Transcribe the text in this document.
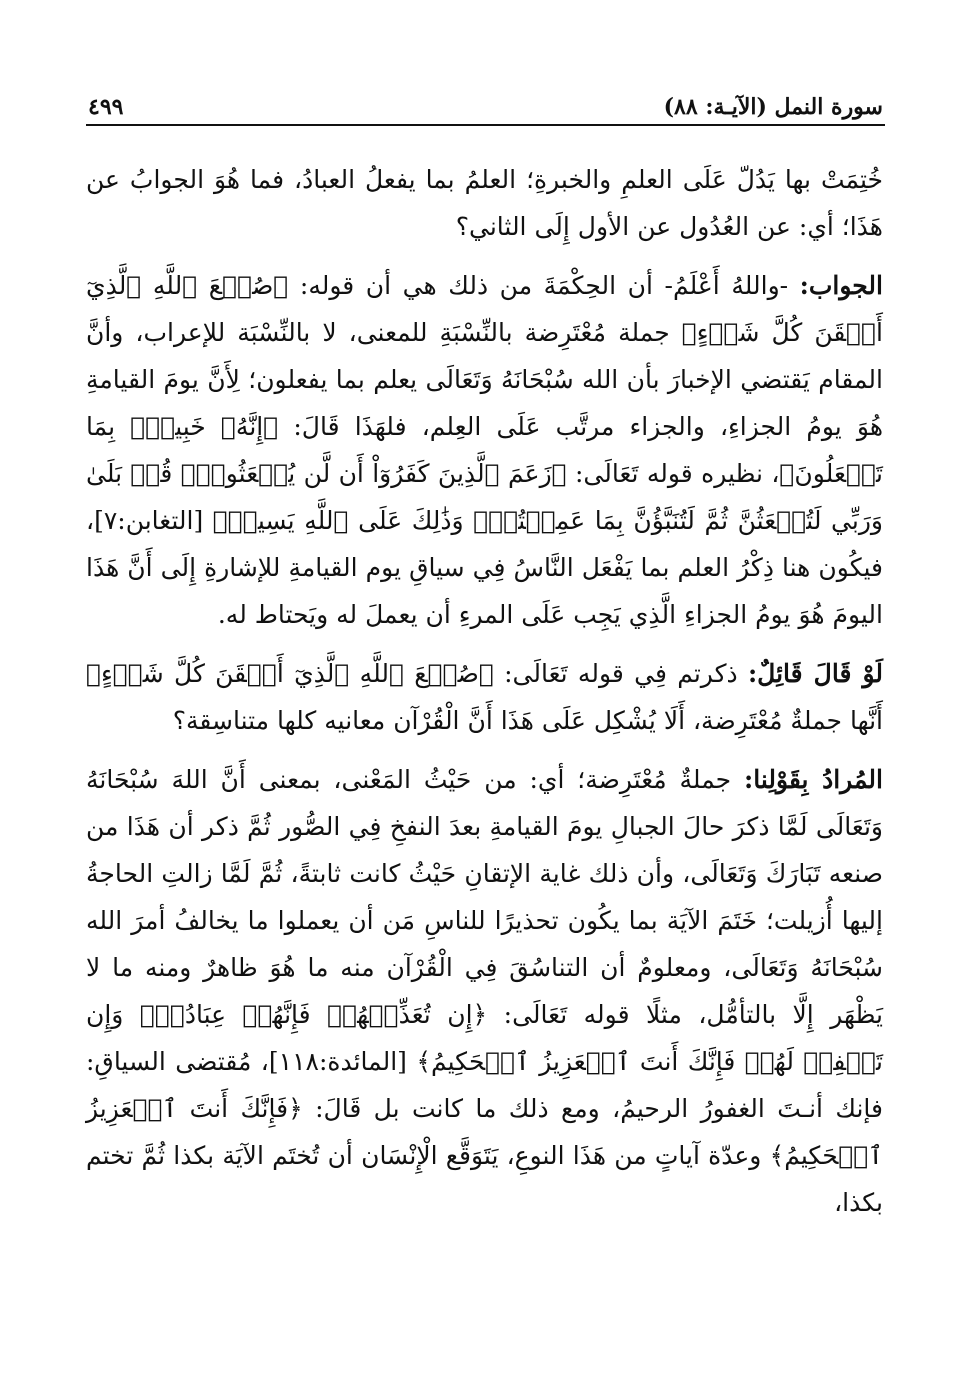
سورة النمل (الآيـة: ٨٨)
٤٩٩

خُتِمَتْ بها يَدُلّ عَلَى العلمِ والخبرةِ؛ العلمُ بما يفعلُ العبادُ، فما هُوَ الجوابُ عن هَذَا؛ أي: عن العُدُول عن الأول إِلَى الثاني؟

الجواب: -واللهُ أَعْلَمُ- أن الحِكْمَةَ من ذلك هي أن قوله: ﴿صُنۡعَ ٱللَّهِ ٱلَّذِيٓ أَتۡقَنَ كُلَّ شَيۡءٍ﴾ جملة مُعْتَرِضة بالنِّسْبَةِ للمعنى، لا بالنِّسْبَة للإعراب، وأنَّ المقام يَقتضي الإخبارَ بأن الله سُبْحَانَهُ وَتَعَالَى يعلم بما يفعلون؛ لِأَنَّ يومَ القيامةِ هُوَ يومُ الجزاءِ، والجزاء مرتَّب عَلَى العِلم، فلهَذَا قَالَ: ﴿إِنَّهُۥ خَبِيرُۢ بِمَا تَفۡعَلُونَ﴾، نظيره قوله تَعَالَى: ﴿زَعَمَ ٱلَّذِينَ كَفَرُوٓاْ أَن لَّن يُبۡعَثُواْۚ قُلۡ بَلَىٰ وَرَبِّي لَتُبۡعَثُنَّ ثُمَّ لَتُنَبَّؤُنَّ بِمَا عَمِلۡتُمۡۚ وَذَٰلِكَ عَلَى ٱللَّهِ يَسِيرٞ﴾ [التغابن:٧]، فيكُون هنا ذِكْرُ العلم بما يَفْعَل النَّاسُ فِي سياقِ يوم القيامةِ للإشارةِ إِلَى أَنَّ هَذَا اليومَ هُوَ يومُ الجزاءِ الَّذِي يَجِب عَلَى المرءِ أن يعملَ له ويَحتاط له.

لَوْ قَالَ قَائِلٌ: ذكرتم فِي قوله تَعَالَى: ﴿صُنۡعَ ٱللَّهِ ٱلَّذِيٓ أَتۡقَنَ كُلَّ شَيۡءٍ﴾ أَنَّها جملةٌ مُعْتَرِضة، أَلَا يُشْكِل عَلَى هَذَا أَنَّ الْقُرْآن معانيه كلها متناسِقة؟

المُرادُ بِقَوْلِنا: جملةٌ مُعْتَرِضة؛ أي: من حَيْثُ المَعْنى، بمعنى أَنَّ اللهَ سُبْحَانَهُ وَتَعَالَى لَمَّا ذكرَ حالَ الجبالِ يومَ القيامةِ بعدَ النفخِ فِي الصُّور ثُمَّ ذكر أن هَذَا من صنعه تَبَارَكَ وَتَعَالَى، وأن ذلك غاية الإتقانِ حَيْثُ كانت ثابتةً، ثُمَّ لَمَّا زالتِ الحاجةُ إليها أُزيلت؛ خَتَمَ الآيَة بما يكُون تحذيرًا للناسِ مَن أن يعملوا ما يخالفُ أمرَ الله سُبْحَانَهُ وَتَعَالَى، ومعلومٌ أن التناسُقَ فِي الْقُرْآن منه ما هُوَ ظاهرٌ ومنه ما لا يَظْهَر إِلَّا بالتأمُّل، مثلًا قوله تَعَالَى: ﴿إِن تُعَذِّبۡهُمۡ فَإِنَّهُمۡ عِبَادُكَۖ وَإِن تَغۡفِرۡ لَهُمۡ فَإِنَّكَ أَنتَ ٱلۡعَزِيزُ ٱلۡحَكِيمُ﴾ [المائدة:١١٨]، مُقتضى السياقِ: فإنك أنـتَ الغفورُ الرحيمُ، ومع ذلك ما كانت بل قَالَ: ﴿فَإِنَّكَ أَنتَ ٱلۡعَزِيزُ ٱلۡحَكِيمُ﴾ وعدّة آياتٍ من هَذَا النوعِ، يَتَوَقَّع الْإِنْسَان أن تُختَم الآيَة بكذا ثُمَّ تختم بكذا،
